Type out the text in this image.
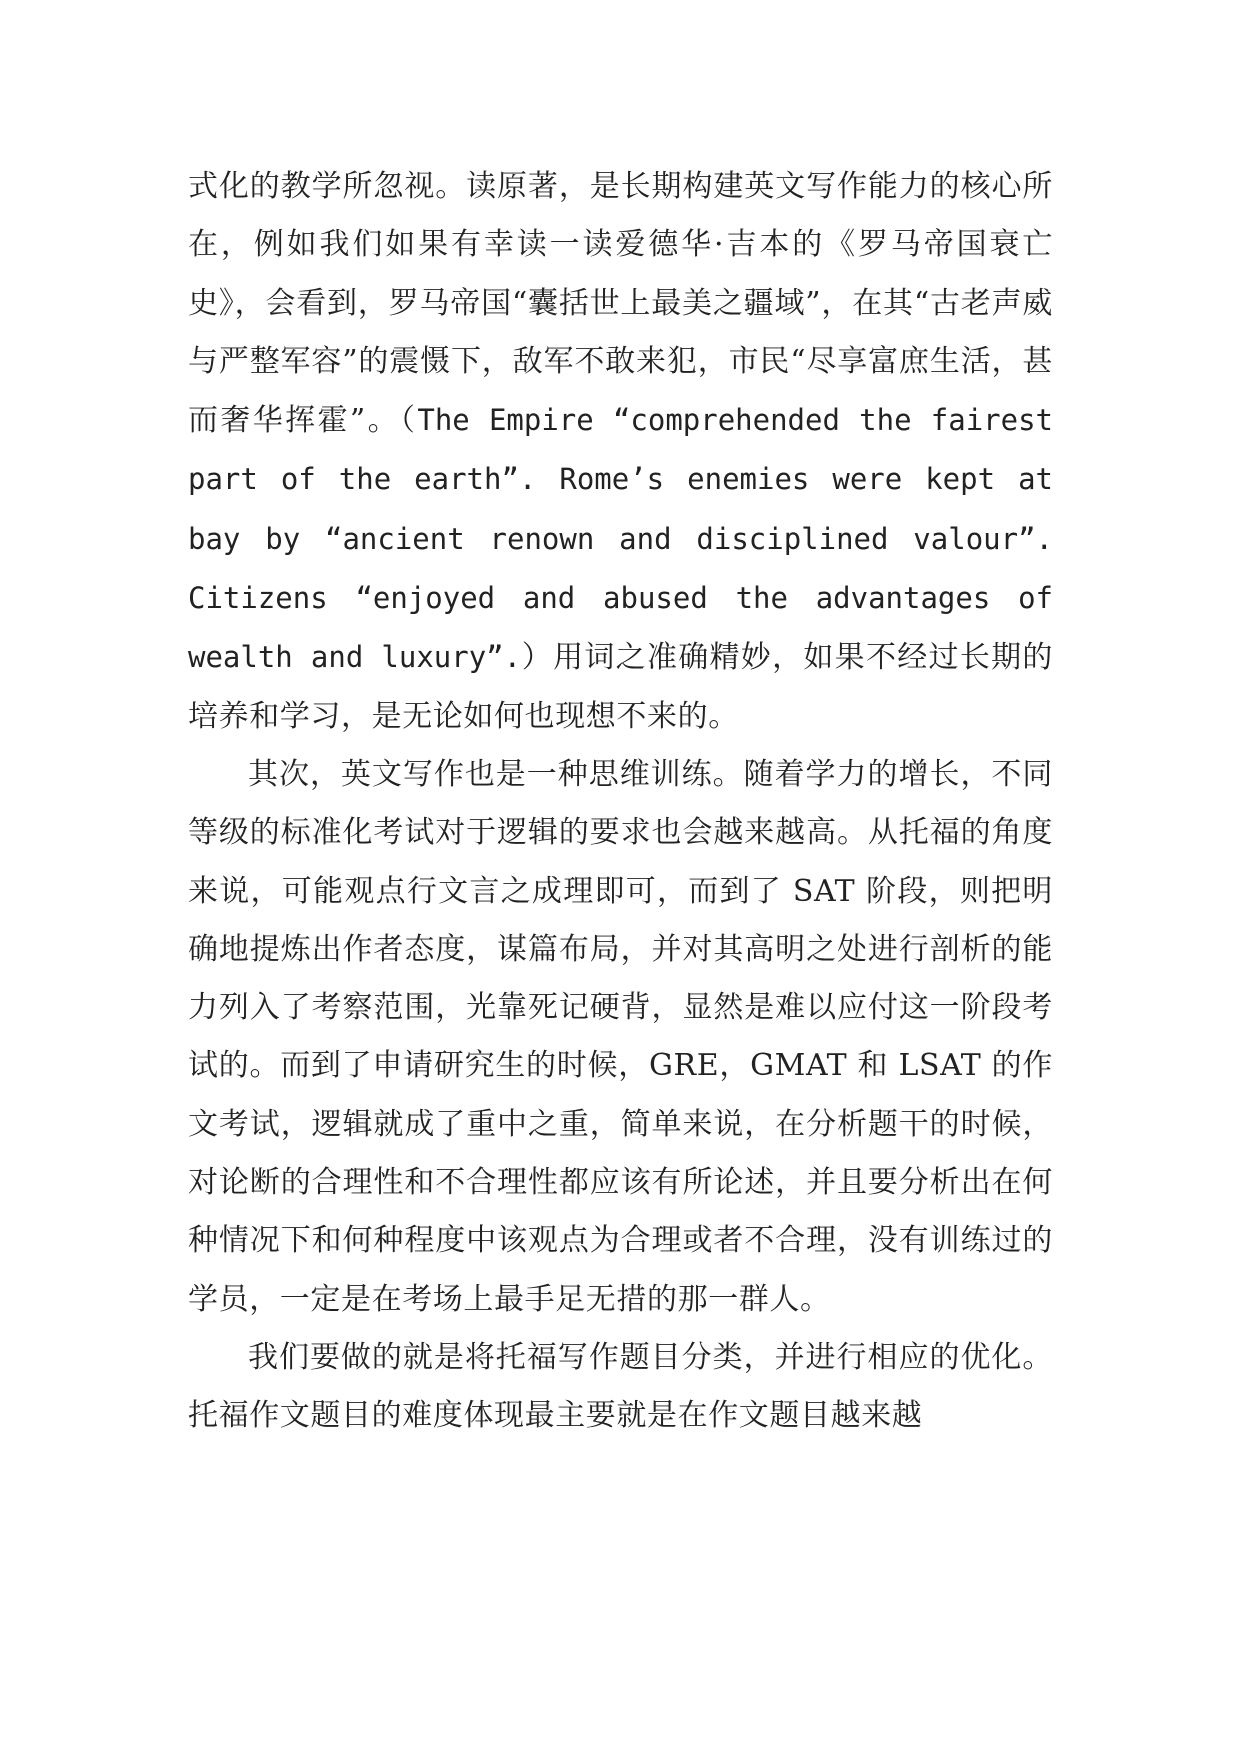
式化的教学所忽视。读原著，是长期构建英文写作能力的核心所在，例如我们如果有幸读一读爱德华·吉本的《罗马帝国衰亡史》，会看到，罗马帝国“囊括世上最美之疆域”，在其“古老声威与严整军容”的震慑下，敌军不敢来犯，市民“尽享富庶生活，甚而奢华挥霍”。（The Empire “comprehended the fairest part of the earth”. Rome’s enemies were kept at bay by “ancient renown and disciplined valour”. Citizens “enjoyed and abused the advantages of wealth and luxury”.）用词之准确精妙，如果不经过长期的培养和学习，是无论如何也现想不来的。

其次，英文写作也是一种思维训练。随着学力的增长，不同等级的标准化考试对于逻辑的要求也会越来越高。从托福的角度来说，可能观点行文言之成理即可，而到了 SAT 阶段，则把明确地提炼出作者态度，谋篇布局，并对其高明之处进行剖析的能力列入了考察范围，光靠死记硬背，显然是难以应付这一阶段考试的。而到了申请研究生的时候，GRE，GMAT 和 LSAT 的作文考试，逻辑就成了重中之重，简单来说，在分析题干的时候，对论断的合理性和不合理性都应该有所论述，并且要分析出在何种情况下和何种程度中该观点为合理或者不合理，没有训练过的学员，一定是在考场上最手足无措的那一群人。

我们要做的就是将托福写作题目分类，并进行相应的优化。托福作文题目的难度体现最主要就是在作文题目越来越
